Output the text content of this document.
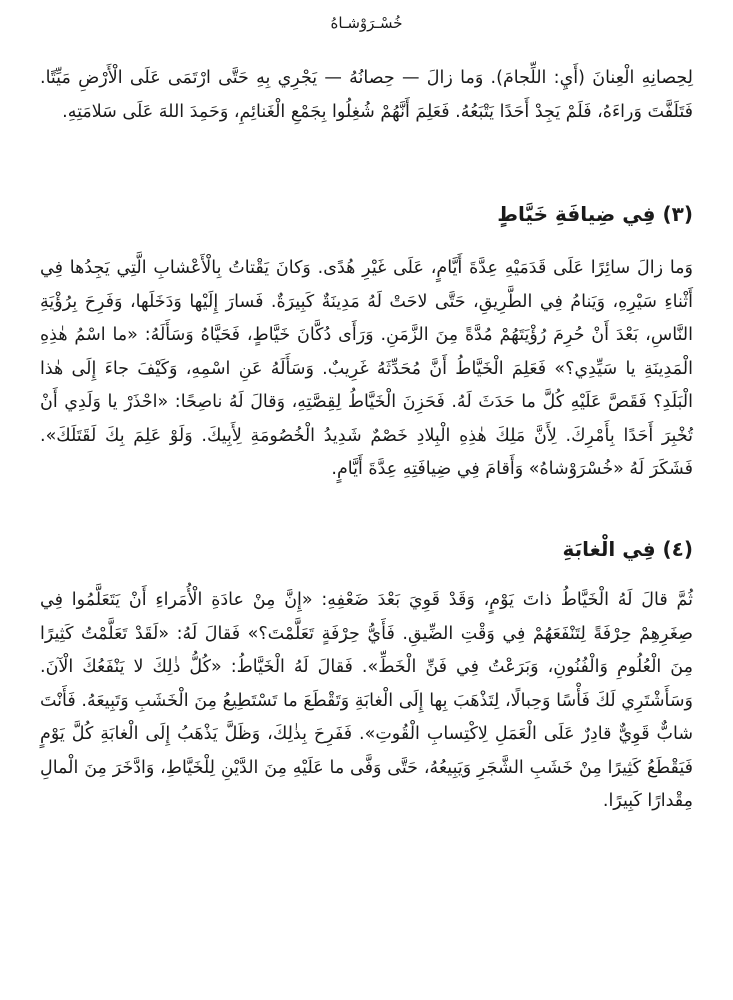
خُسْـرَوْشـاهُ

لِحِصانِهِ الْعِنانَ (أَيِ: اللِّجامَ). وَما زالَ — حِصانُهُ — يَجْرِي بِهِ حَتَّى ارْتَمَى عَلَى الْأَرْضِ مَيِّتًا. فَتَلَفَّتَ وَراءَهُ، فَلَمْ يَجِدْ أَحَدًا يَتْبَعُهُ. فَعَلِمَ أَنَّهُمْ شُغِلُوا بِجَمْعِ الْغَنائِمِ، وَحَمِدَ اللهَ عَلَى سَلامَتِهِ.

(٣) فِي ضِيافَةِ خَيَّاطٍ

وَما زالَ سائِرًا عَلَى قَدَمَيْهِ عِدَّةَ أَيَّامٍ، عَلَى غَيْرِ هُدًى. وَكانَ يَقْتاتُ بِالْأَعْشابِ الَّتِي يَجِدُها فِي أَثْناءِ سَيْرِهِ، وَيَنامُ فِي الطَّرِيقِ، حَتَّى لاحَتْ لَهُ مَدِينَةٌ كَبِيرَةٌ. فَسارَ إِلَيْها وَدَخَلَها، وَفَرِحَ بِرُؤْيَةِ النَّاسِ، بَعْدَ أَنْ حُرِمَ رُؤْيَتَهُمْ مُدَّةً مِنَ الزَّمَنِ. وَرَأَى دُكَّانَ خَيَّاطٍ، فَحَيَّاهُ وَسَأَلَهُ: «ما اسْمُ هٰذِهِ الْمَدِينَةِ يا سَيِّدِي؟» فَعَلِمَ الْخَيَّاطُ أَنَّ مُحَدِّثَهُ غَرِيبٌ. وَسَأَلَهُ عَنِ اسْمِهِ، وَكَيْفَ جاءَ إِلَى هٰذا الْبَلَدِ؟ فَقَصَّ عَلَيْهِ كُلَّ ما حَدَثَ لَهُ. فَحَزِنَ الْخَيَّاطُ لِقِصَّتِهِ، وَقالَ لَهُ ناصِحًا: «احْذَرْ يا وَلَدِي أَنْ تُخْبِرَ أَحَدًا بِأَمْرِكَ. لِأَنَّ مَلِكَ هٰذِهِ الْبِلادِ خَصْمٌ شَدِيدُ الْخُصُومَةِ لِأَبِيكَ. وَلَوْ عَلِمَ بِكَ لَقَتَلَكَ». فَشَكَرَ لَهُ «خُسْرَوْشاهُ» وَأَقامَ فِي ضِيافَتِهِ عِدَّةَ أَيَّامٍ.

(٤) فِي الْغابَةِ

ثُمَّ قالَ لَهُ الْخَيَّاطُ ذاتَ يَوْمٍ، وَقَدْ قَوِيَ بَعْدَ ضَعْفِهِ: «إِنَّ مِنْ عادَةِ الْأُمَراءِ أَنْ يَتَعَلَّمُوا فِي صِغَرِهِمْ حِرْفَةً لِتَنْفَعَهُمْ فِي وَقْتِ الضِّيقِ. فَأَيُّ حِرْفَةٍ تَعَلَّمْتَ؟» فَقالَ لَهُ: «لَقَدْ تَعَلَّمْتُ كَثِيرًا مِنَ الْعُلُومِ وَالْفُنُونِ، وَبَرَعْتُ فِي فَنِّ الْخَطِّ». فَقالَ لَهُ الْخَيَّاطُ: «كُلُّ ذٰلِكَ لا يَنْفَعُكَ الْآنَ. وَسَأَشْتَرِي لَكَ فَأْسًا وَحِبالًا، لِتَذْهَبَ بِها إِلَى الْغابَةِ وَتَقْطَعَ ما تَسْتَطِيعُ مِنَ الْخَشَبِ وَتَبِيعَهُ. فَأَنْتَ شابٌّ قَوِيٌّ قادِرٌ عَلَى الْعَمَلِ لِاكْتِسابِ الْقُوتِ». فَفَرِحَ بِذٰلِكَ، وَظَلَّ يَذْهَبُ إِلَى الْغابَةِ كُلَّ يَوْمٍ فَيَقْطَعُ كَثِيرًا مِنْ خَشَبِ الشَّجَرِ وَيَبِيعُهُ، حَتَّى وَفَّى ما عَلَيْهِ مِنَ الدَّيْنِ لِلْخَيَّاطِ، وَادَّخَرَ مِنَ الْمالِ مِقْدارًا كَبِيرًا.
